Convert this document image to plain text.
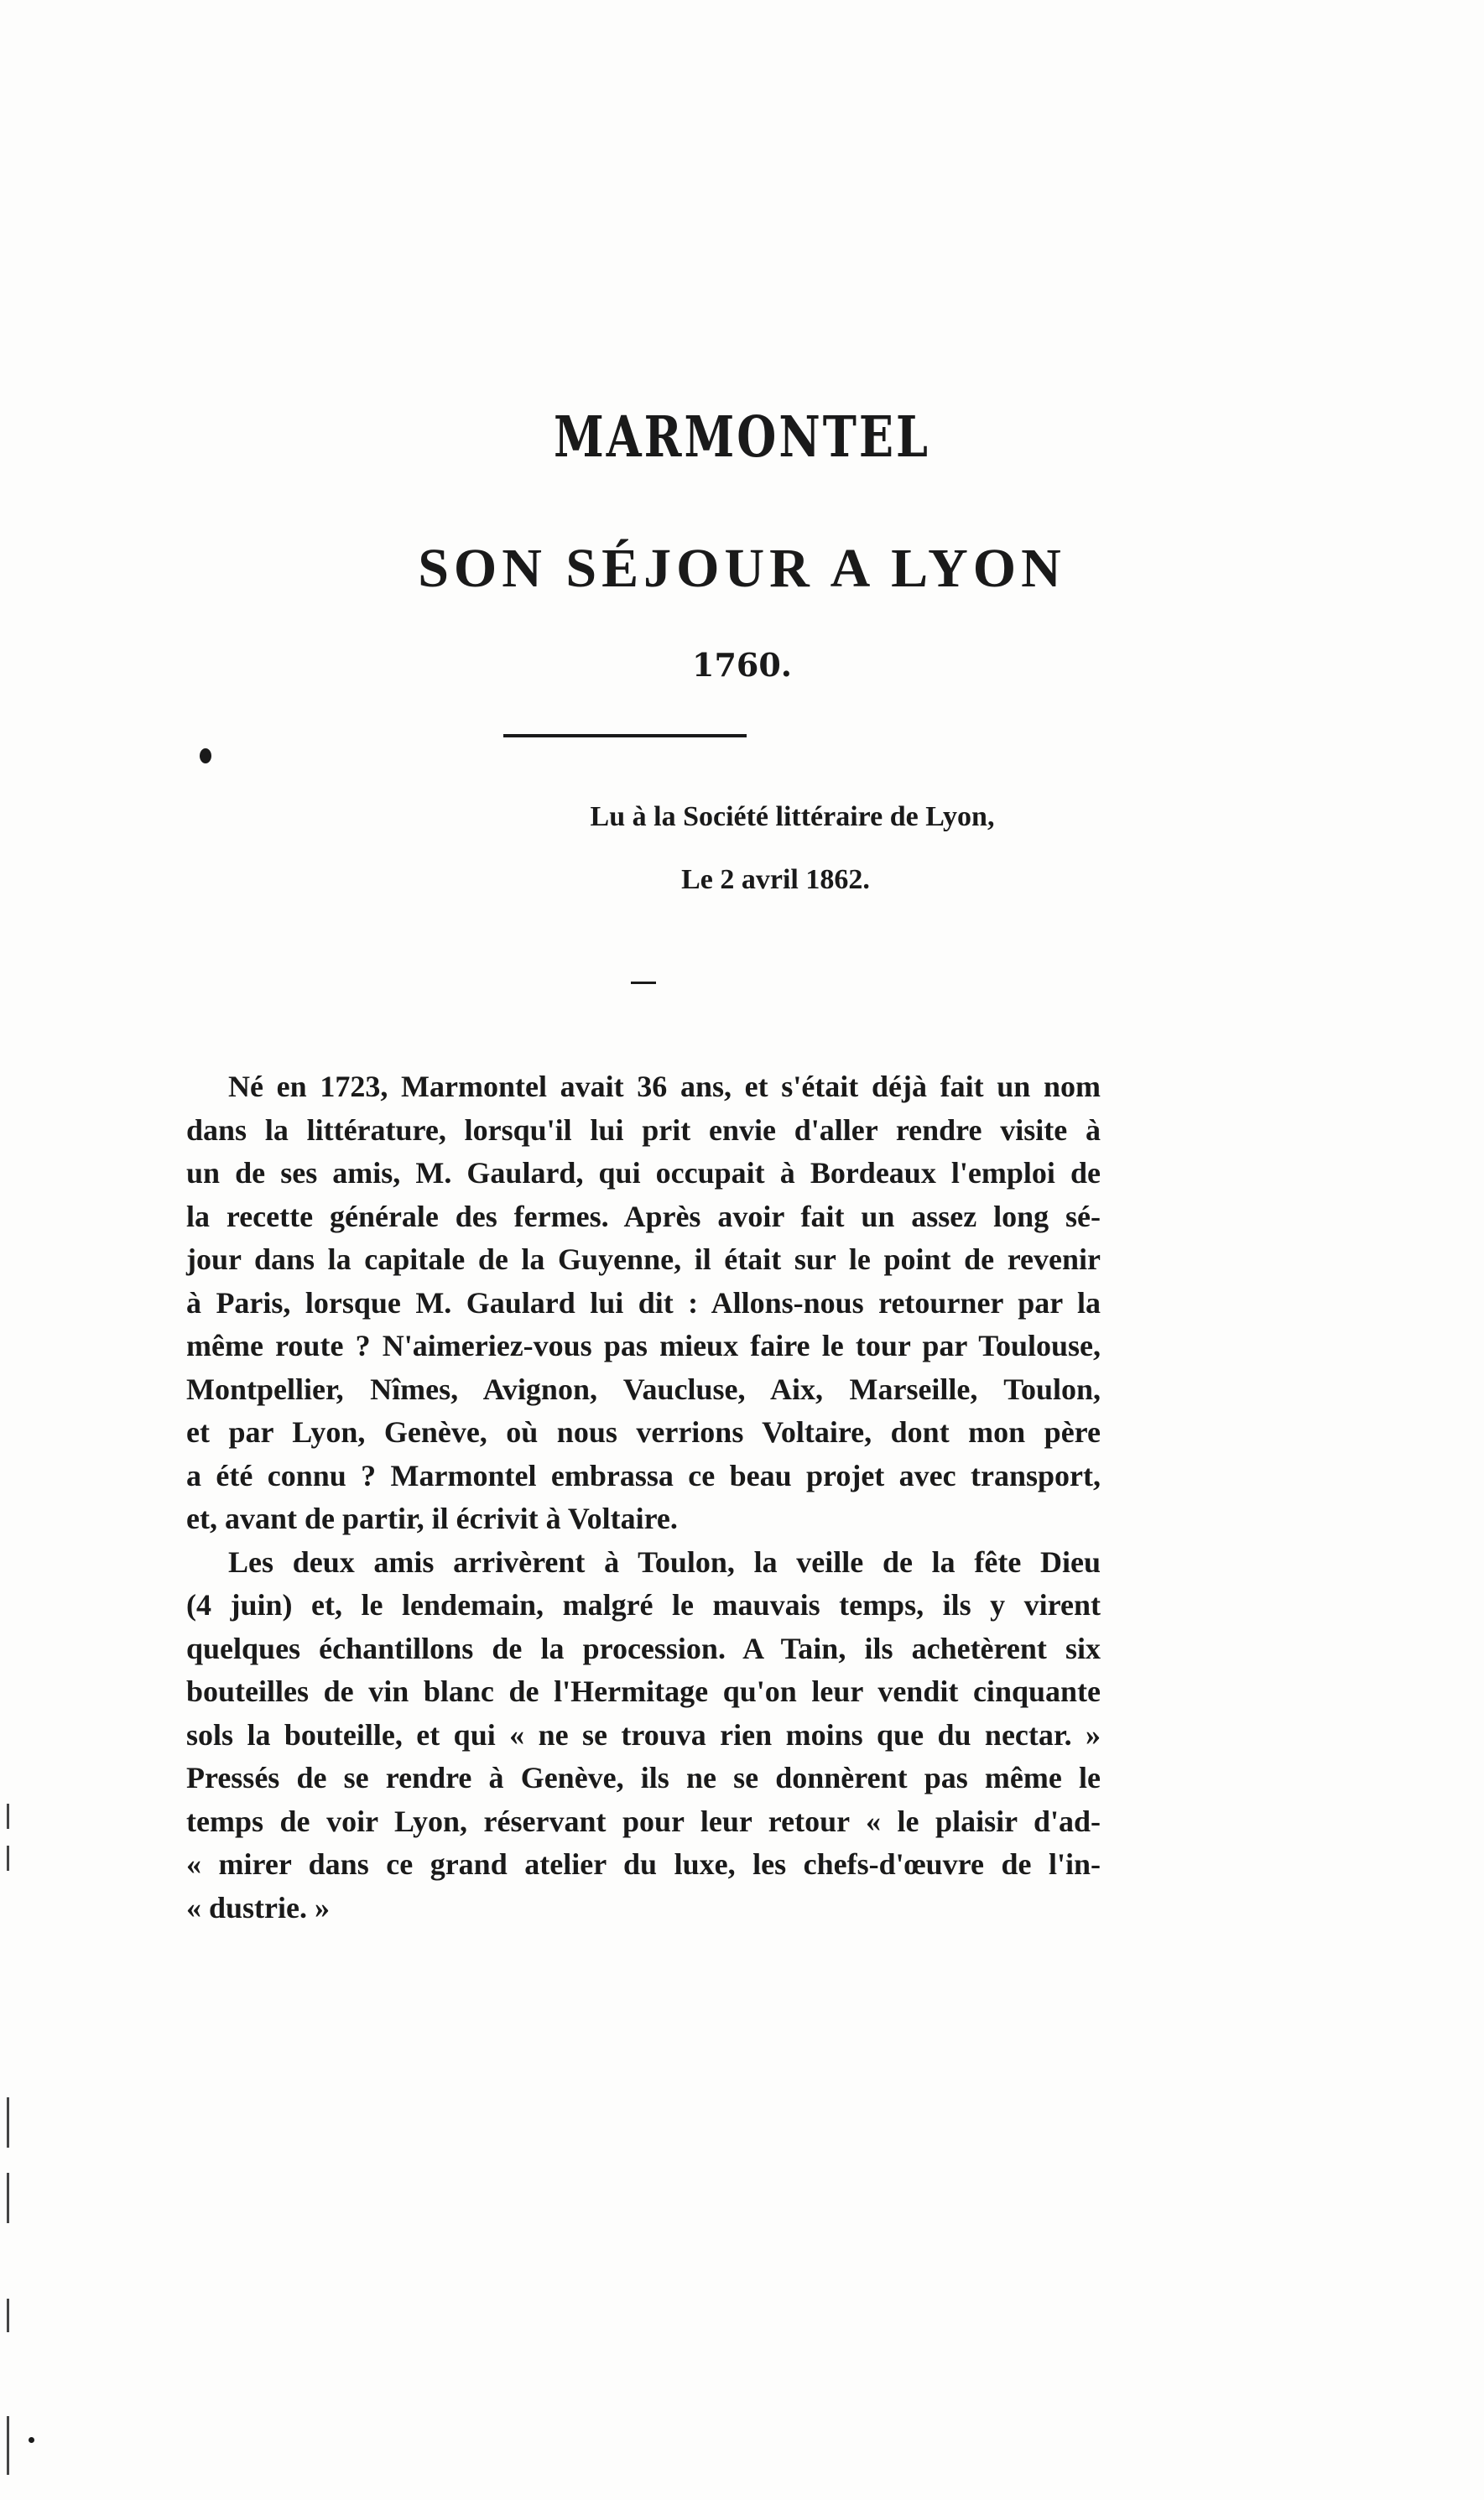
MARMONTEL
SON SÉJOUR A LYON
1760.
Lu à la Société littéraire de Lyon,
Le 2 avril 1862.
Né en 1723, Marmontel avait 36 ans, et s'était déjà fait un nom
dans la littérature, lorsqu'il lui prit envie d'aller rendre visite à
un de ses amis, M. Gaulard, qui occupait à Bordeaux l'emploi de
la recette générale des fermes. Après avoir fait un assez long sé-
jour dans la capitale de la Guyenne, il était sur le point de revenir
à Paris, lorsque M. Gaulard lui dit : Allons-nous retourner par la
même route ? N'aimeriez-vous pas mieux faire le tour par Toulouse,
Montpellier, Nîmes, Avignon, Vaucluse, Aix, Marseille, Toulon,
et par Lyon, Genève, où nous verrions Voltaire, dont mon père
a été connu ? Marmontel embrassa ce beau projet avec transport,
et, avant de partir, il écrivit à Voltaire.
Les deux amis arrivèrent à Toulon, la veille de la fête Dieu
(4 juin) et, le lendemain, malgré le mauvais temps, ils y virent
quelques échantillons de la procession. A Tain, ils achetèrent six
bouteilles de vin blanc de l'Hermitage qu'on leur vendit cinquante
sols la bouteille, et qui « ne se trouva rien moins que du nectar. »
Pressés de se rendre à Genève, ils ne se donnèrent pas même le
temps de voir Lyon, réservant pour leur retour « le plaisir d'ad-
« mirer dans ce grand atelier du luxe, les chefs-d'œuvre de l'in-
« dustrie. »
